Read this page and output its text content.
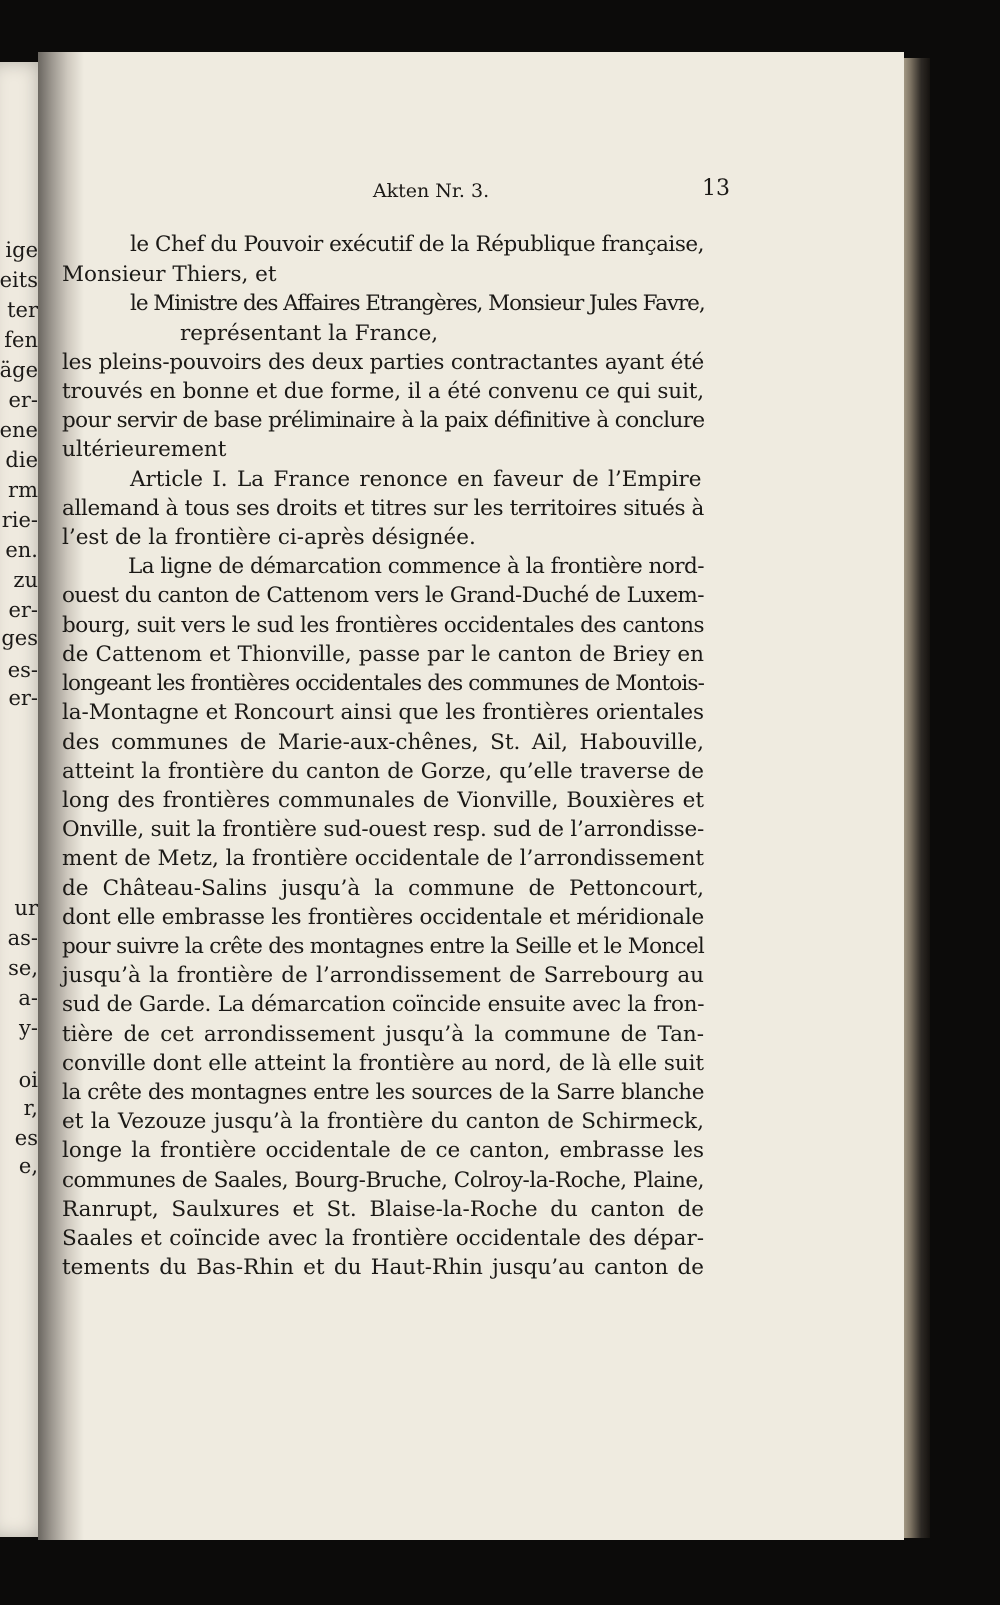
ige
eits
ter
fen
äge
er-
ene
die
rm
rie-
en.
zu
er-
ges
es-
er-
ur
as-
se,
a-
y-
oi
r,
es
e,
Akten Nr. 3.	13
le Chef du Pouvoir exécutif de la République française,
Monsieur Thiers, et
le Ministre des Affaires Etrangères, Monsieur Jules Favre,
représentant la France,
les pleins-pouvoirs des deux parties contractantes ayant été
trouvés en bonne et due forme, il a été convenu ce qui suit,
pour servir de base préliminaire à la paix définitive à conclure
ultérieurement
Article I. La France renonce en faveur de l’Empire
allemand à tous ses droits et titres sur les territoires situés à
l’est de la frontière ci-après désignée.
La ligne de démarcation commence à la frontière nord-
ouest du canton de Cattenom vers le Grand-Duché de Luxem-
bourg, suit vers le sud les frontières occidentales des cantons
de Cattenom et Thionville, passe par le canton de Briey en
longeant les frontières occidentales des communes de Montois-
la-Montagne et Roncourt ainsi que les frontières orientales
des communes de Marie-aux-chênes, St. Ail, Habouville,
atteint la frontière du canton de Gorze, qu’elle traverse de
long des frontières communales de Vionville, Bouxières et
Onville, suit la frontière sud-ouest resp. sud de l’arrondisse-
ment de Metz, la frontière occidentale de l’arrondissement
de Château-Salins jusqu’à la commune de Pettoncourt,
dont elle embrasse les frontières occidentale et méridionale
pour suivre la crête des montagnes entre la Seille et le Moncel
jusqu’à la frontière de l’arrondissement de Sarrebourg au
sud de Garde. La démarcation coïncide ensuite avec la fron-
tière de cet arrondissement jusqu’à la commune de Tan-
conville dont elle atteint la frontière au nord, de là elle suit
la crête des montagnes entre les sources de la Sarre blanche
et la Vezouze jusqu’à la frontière du canton de Schirmeck,
longe la frontière occidentale de ce canton, embrasse les
communes de Saales, Bourg-Bruche, Colroy-la-Roche, Plaine,
Ranrupt, Saulxures et St. Blaise-la-Roche du canton de
Saales et coïncide avec la frontière occidentale des dépar-
tements du Bas-Rhin et du Haut-Rhin jusqu’au canton de
